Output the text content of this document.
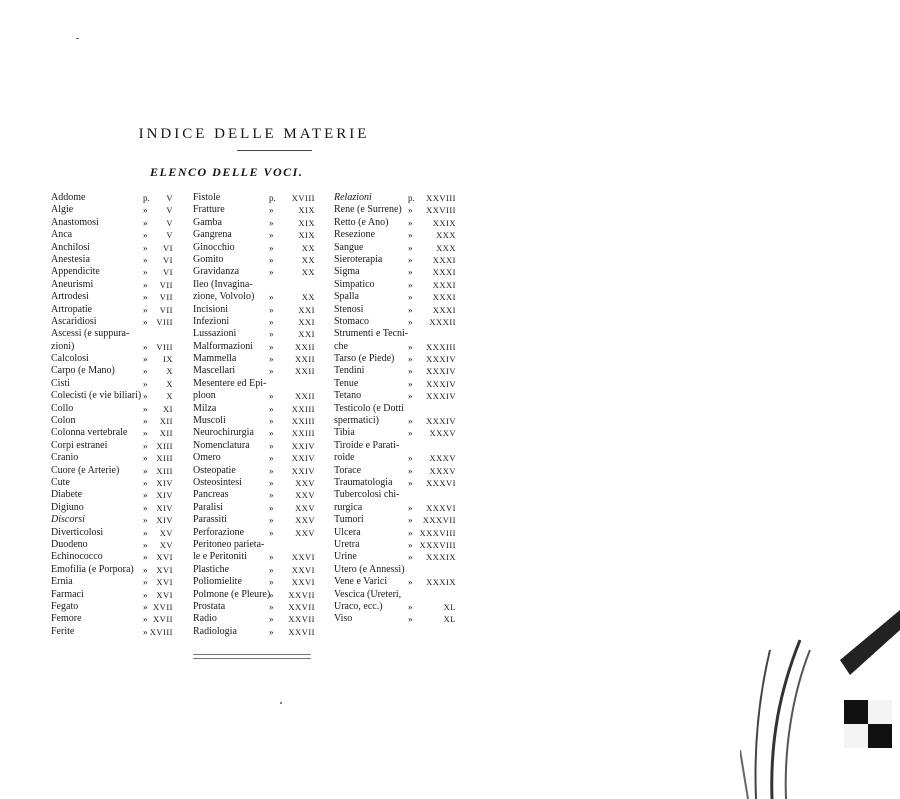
INDICE DELLE MATERIE
ELENCO DELLE VOCI.
Addome	p. V
Algie	» V
Anastomosi	» V
Anca	» V
Anchilosi	» VI
Anestesia	» VI
Appendicite	» VI
Aneurismi	» VII
Artrodesi	» VII
Artropatie	» VII
Ascaridiosi	» VIII
Ascessi (e suppura-
zioni)	» VIII
Calcolosi	» IX
Carpo (e Mano)	» X
Cisti	» X
Colecisti (e vie biliari) » X
Collo	» XI
Colon	» XII
Colonna vertebrale » XII
Corpi estranei	» XIII
Cranio	» XIII
Cuore (e Arterie)	» XIII
Cute	» XIV
Diabete	» XIV
Digiuno	» XIV
Discorsi	» XIV
Diverticolosi	» XV
Duodeno	» XV
Echinococco	» XVI
Emofilia (e Porpora) » XVI
Ernia	» XVI
Farmaci	» XVI
Fegato	» XVII
Femore	» XVII
Ferite	» XVIII
Fistole	p. XVIII
Fratture	»	XIX
Gamba	»	XIX
Gangrena	»	XIX
Ginocchio	»	XX
Gomito	»	XX
Gravidanza	»	XX
Ileo (Invagina-
zione, Volvolo) »	XX
Incisioni	»	XXI
Infezioni	»	XXI
Lussazioni	»	XXI
Malformazioni »	XXII
Mammella	»	XXII
Mascellari	»	XXII
Mesentere ed Epi-
ploon	»	XXII
Milza	» XXIII
Muscoli	» XXIII
Neurochirurgia » XXIII
Nomenclatura » XXIV
Omero	» XXIV
Osteopatie	» XXIV
Osteosintesi	»	XXV
Pancreas	»	XXV
Paralisi	»	XXV
Parassiti	»	XXV
Perforazione	»	XXV
Peritoneo parieta-
le e Peritoniti » XXVI
Plastiche	» XXVI
Poliomielite	» XXVI
Polmone (e Pleure)
» XXVII
Prostata	» XXVII
Radio	» XXVII
Radiologia	» XXVII
Relazioni	p. XXVIII
Rene (e Surrene) » XXVIII
Retto (e Ano) » XXIX
Resezione	»	XXX
Sangue	»	XXX
Sieroterapia	» XXXI
Sigma	» XXXI
Simpatico	» XXXI
Spalla	» XXXI
Stenosi	» XXXI
Stomaco	» XXXII
Strumenti e Tecni-
che	» XXXIII
Tarso (e Piede) » XXXIV
Tendini	» XXXIV
Tenue	» XXXIV
Tetano	» XXXIV
Testicolo (e Dotti
spermatici)	» XXXIV
Tibia	» XXXV
Tiroide e Parati-
roide	» XXXV
Torace	» XXXV
Traumatologia » XXXVI
Tubercolosi chi-
rurgica	» XXXVI
Tumori	» XXXVII
Ulcera	» XXXVIII
Uretra	» XXXVIII
Urine	» XXXIX
Utero (e Annessi)
Vene e Varici » XXXIX
Vescica (Ureteri,
Uraco, ecc.)	»	XL
Viso	»	XL
